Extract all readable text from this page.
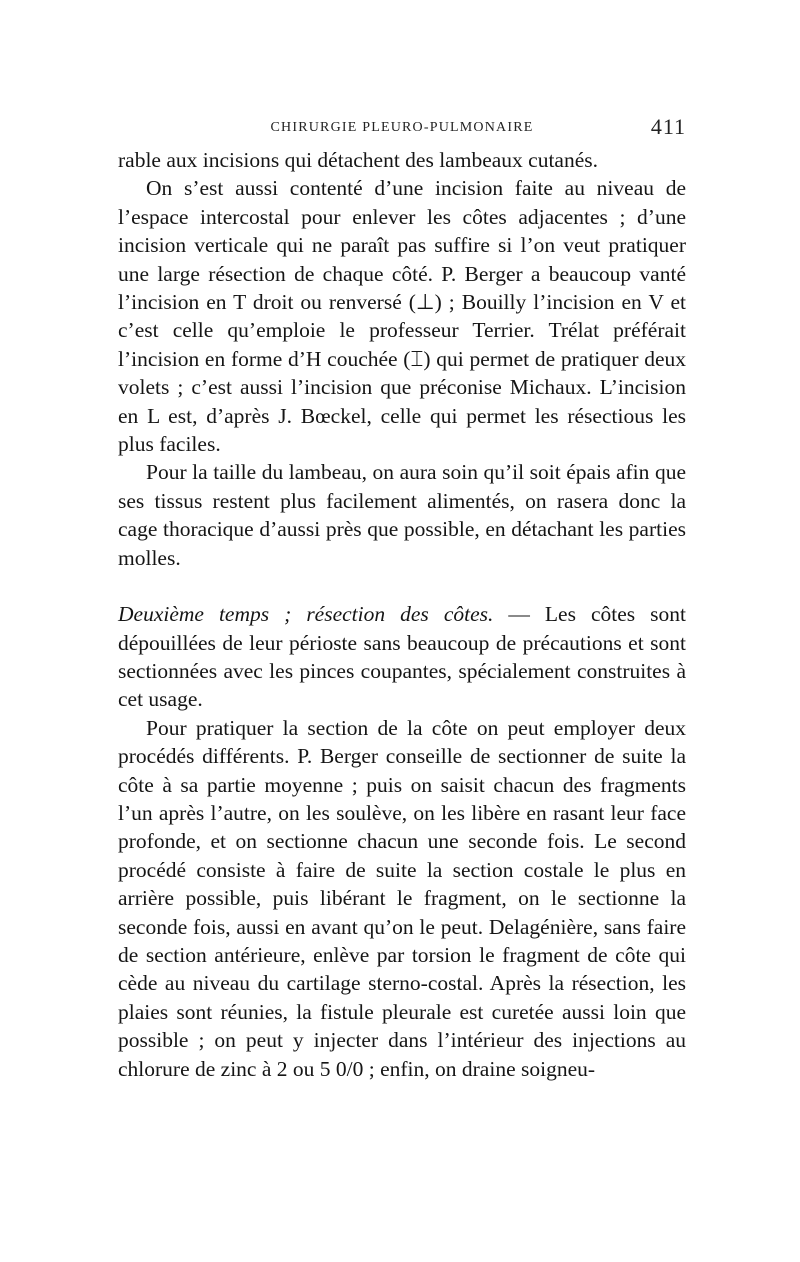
CHIRURGIE PLEURO-PULMONAIRE	411

rable aux incisions qui détachent des lambeaux cutanés.

On s’est aussi contenté d’une incision faite au niveau de l’espace intercostal pour enlever les côtes adjacentes ; d’une incision verticale qui ne paraît pas suffire si l’on veut pratiquer une large résection de chaque côté. P. Berger a beaucoup vanté l’incision en T droit ou renversé (⊥) ; Bouilly l’incision en V et c’est celle qu’emploie le professeur Terrier. Trélat préférait l’incision en forme d’H couchée (⌶) qui permet de pratiquer deux volets ; c’est aussi l’incision que préconise Michaux. L’incision en L est, d’après J. Bœckel, celle qui permet les résectious les plus faciles.

Pour la taille du lambeau, on aura soin qu’il soit épais afin que ses tissus restent plus facilement alimentés, on rasera donc la cage thoracique d’aussi près que possible, en détachant les parties molles.

Deuxième temps ; résection des côtes. — Les côtes sont dépouillées de leur périoste sans beaucoup de précautions et sont sectionnées avec les pinces coupantes, spécialement construites à cet usage.

Pour pratiquer la section de la côte on peut employer deux procédés différents. P. Berger conseille de sectionner de suite la côte à sa partie moyenne ; puis on saisit chacun des fragments l’un après l’autre, on les soulève, on les libère en rasant leur face profonde, et on sectionne chacun une seconde fois. Le second procédé consiste à faire de suite la section costale le plus en arrière possible, puis libérant le fragment, on le sectionne la seconde fois, aussi en avant qu’on le peut. Delagénière, sans faire de section antérieure, enlève par torsion le fragment de côte qui cède au niveau du cartilage sterno-costal. Après la résection, les plaies sont réunies, la fistule pleurale est curetée aussi loin que possible ; on peut y injecter dans l’intérieur des injections au chlorure de zinc à 2 ou 5 0/0 ; enfin, on draine soigneu-
